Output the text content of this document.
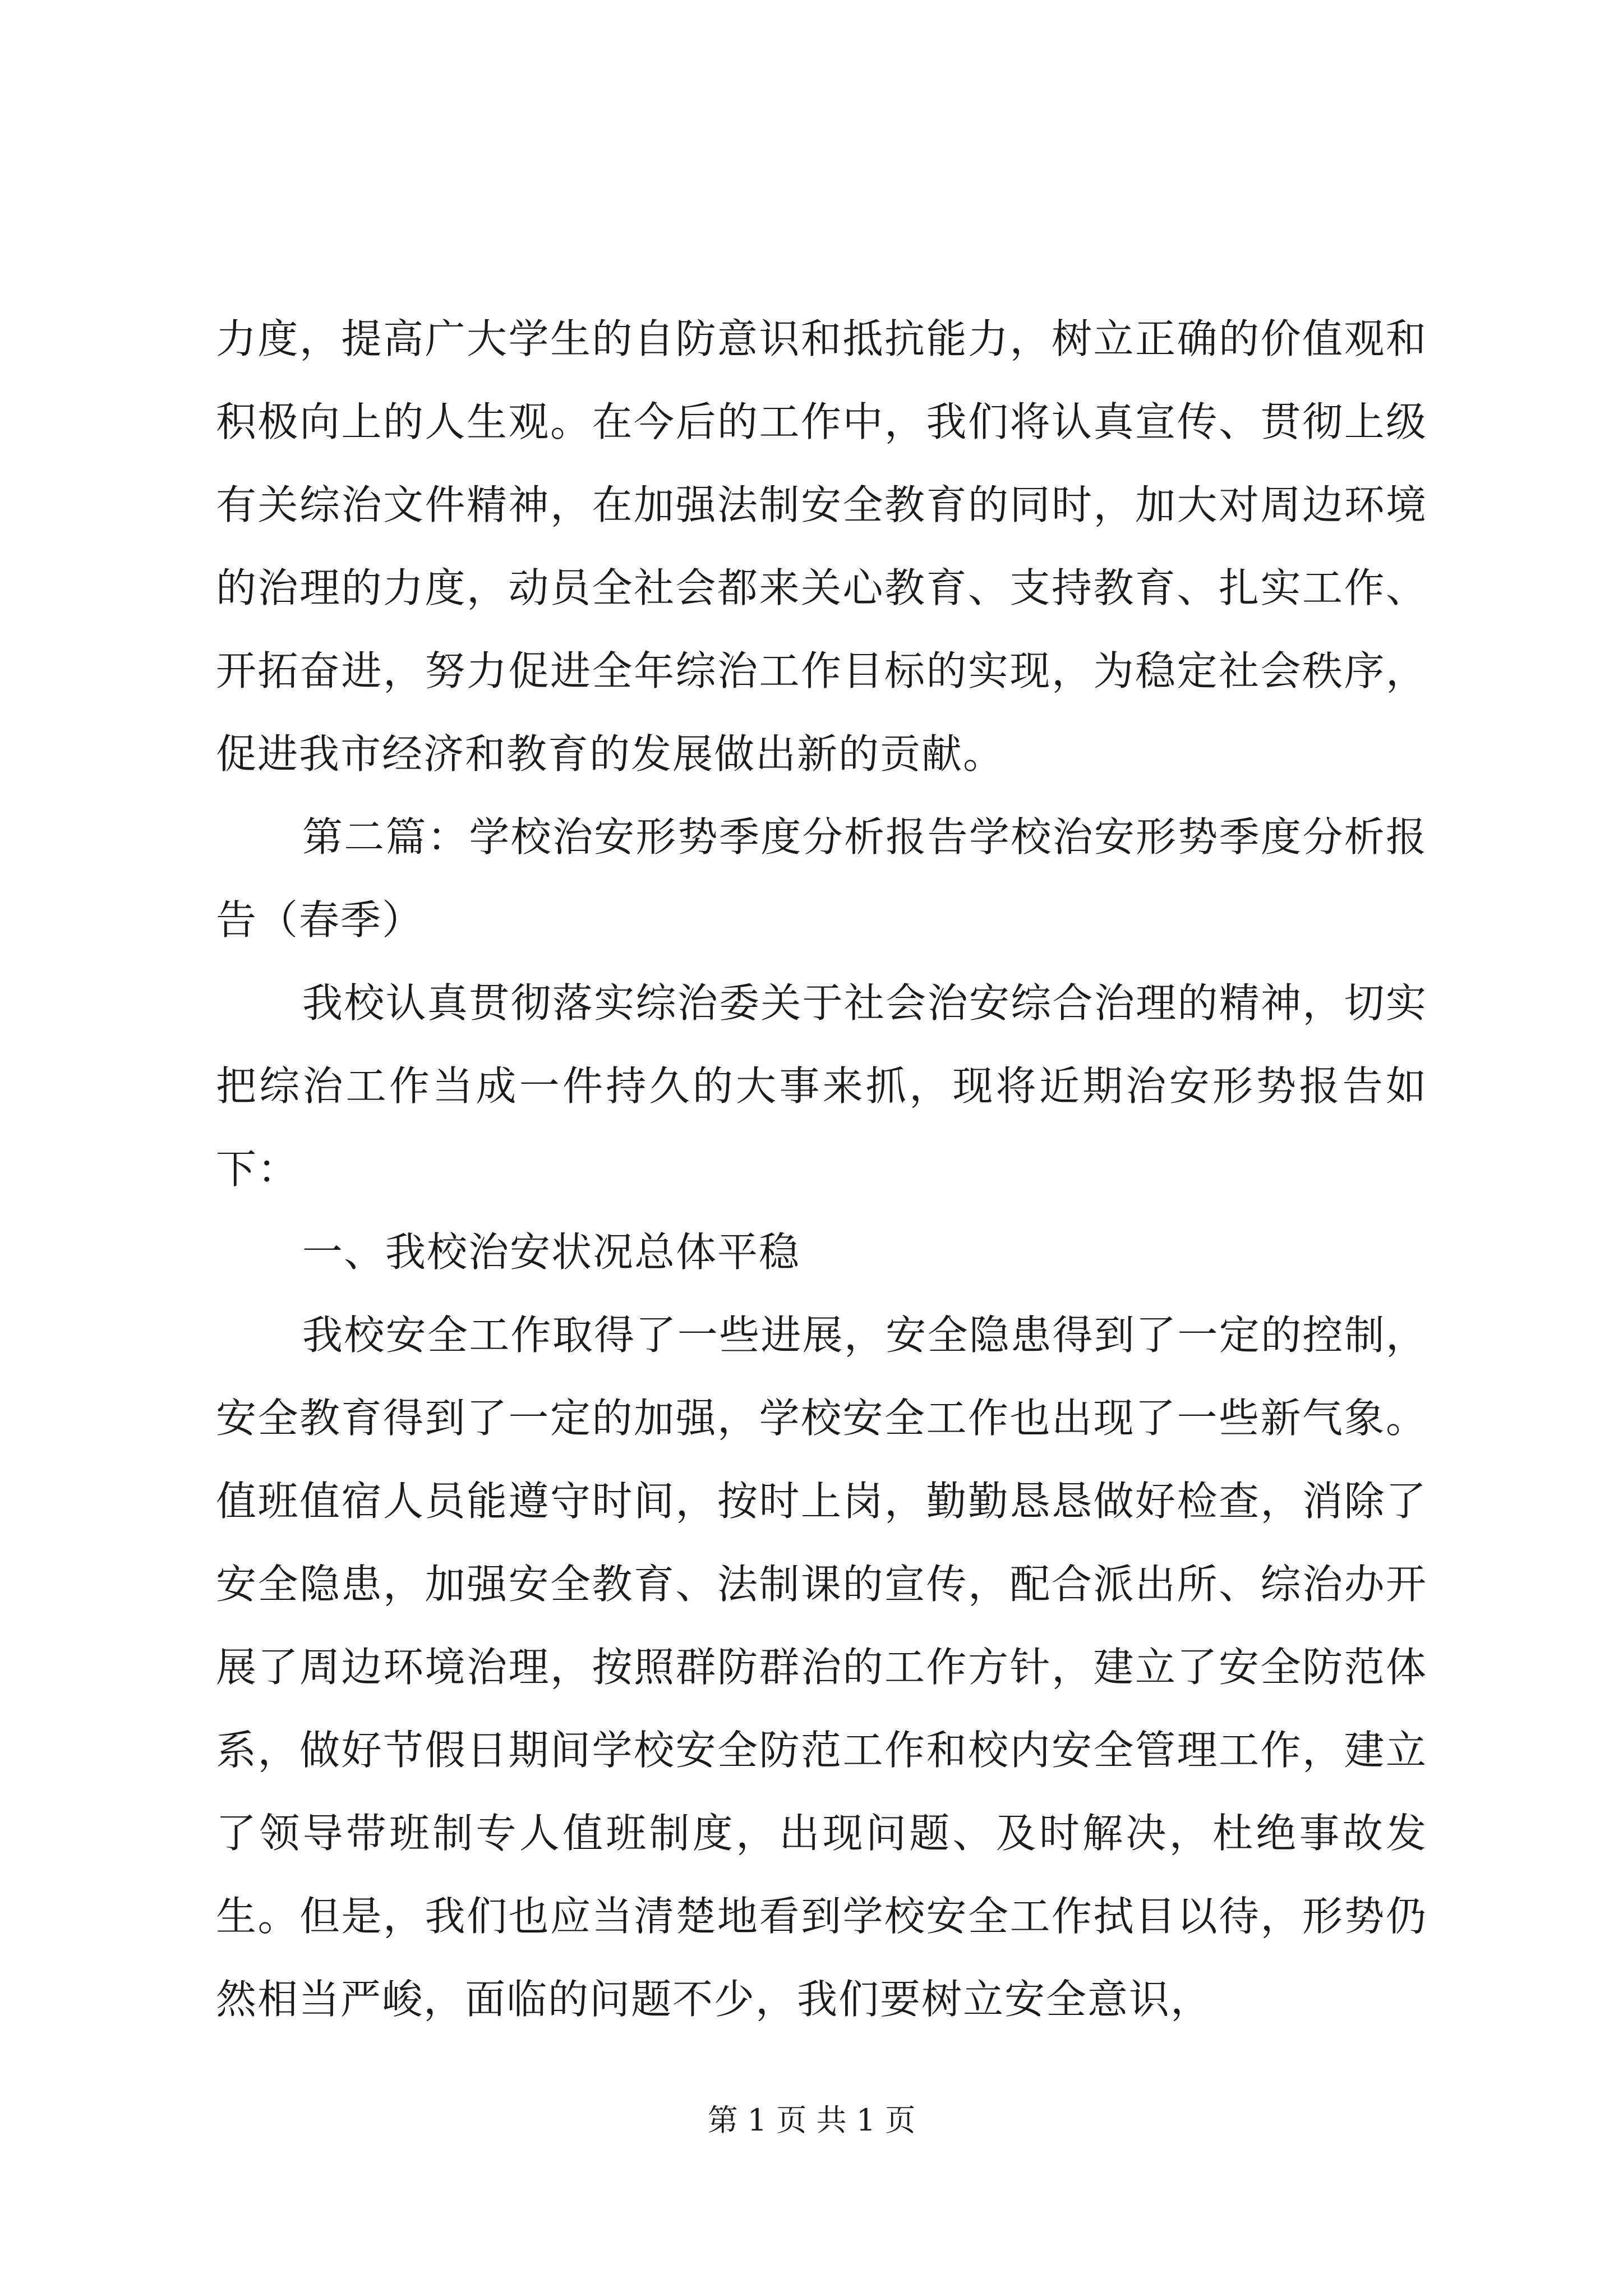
力度，提高广大学生的自防意识和抵抗能力，树立正确的价值观和积极向上的人生观。在今后的工作中，我们将认真宣传、贯彻上级有关综治文件精神，在加强法制安全教育的同时，加大对周边环境的治理的力度，动员全社会都来关心教育、支持教育、扎实工作、开拓奋进，努力促进全年综治工作目标的实现，为稳定社会秩序，促进我市经济和教育的发展做出新的贡献。

第二篇：学校治安形势季度分析报告学校治安形势季度分析报告（春季）

我校认真贯彻落实综治委关于社会治安综合治理的精神，切实把综治工作当成一件持久的大事来抓，现将近期治安形势报告如下：

一、我校治安状况总体平稳

我校安全工作取得了一些进展，安全隐患得到了一定的控制，安全教育得到了一定的加强，学校安全工作也出现了一些新气象。值班值宿人员能遵守时间，按时上岗，勤勤恳恳做好检查，消除了安全隐患，加强安全教育、法制课的宣传，配合派出所、综治办开展了周边环境治理，按照群防群治的工作方针，建立了安全防范体系，做好节假日期间学校安全防范工作和校内安全管理工作，建立了领导带班制专人值班制度，出现问题、及时解决，杜绝事故发生。但是，我们也应当清楚地看到学校安全工作拭目以待，形势仍然相当严峻，面临的问题不少，我们要树立安全意识，

第 1 页 共 1 页
